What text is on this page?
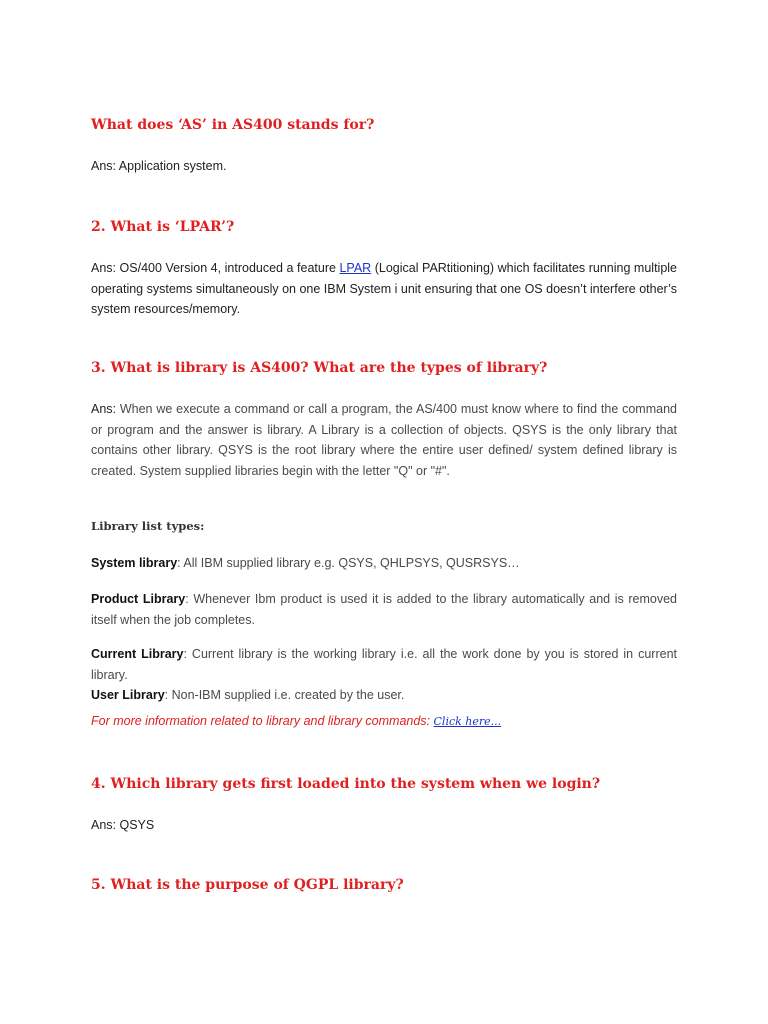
What does ‘AS’ in AS400 stands for?

Ans: Application system.

2. What is ‘LPAR’?

Ans: OS/400 Version 4, introduced a feature LPAR (Logical PARtitioning) which facilitates running multiple operating systems simultaneously on one IBM System i unit ensuring that one OS doesn’t interfere other’s system resources/memory.

3. What is library is AS400? What are the types of library?

Ans: When we execute a command or call a program, the AS/400 must know where to find the command or program and the answer is library. A Library is a collection of objects. QSYS is the only library that contains other library. QSYS is the root library where the entire user defined/ system defined library is created. System supplied libraries begin with the letter "Q" or "#".

Library list types:

System library: All IBM supplied library e.g. QSYS, QHLPSYS, QUSRSYS…

Product Library: Whenever Ibm product is used it is added to the library automatically and is removed itself when the job completes.

Current Library: Current library is the working library i.e. all the work done by you is stored in current library.

User Library: Non-IBM supplied i.e. created by the user.

For more information related to library and library commands: Click here...

4. Which library gets first loaded into the system when we login?

Ans: QSYS

5. What is the purpose of QGPL library?
